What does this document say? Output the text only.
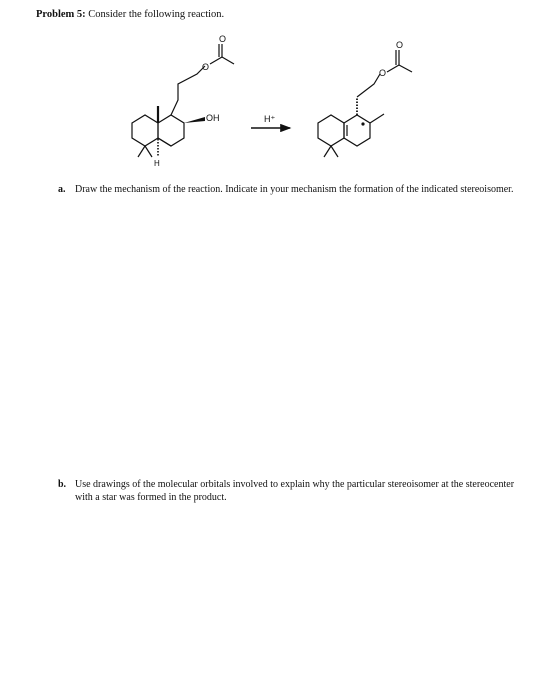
Problem 5: Consider the following reaction.
O
O
OH
H
H⁺
O
O
a. Draw the mechanism of the reaction. Indicate in your mechanism the formation of the indicated stereoisomer.
b. Use drawings of the molecular orbitals involved to explain why the particular stereoisomer at the stereocenter with a star was formed in the product.
